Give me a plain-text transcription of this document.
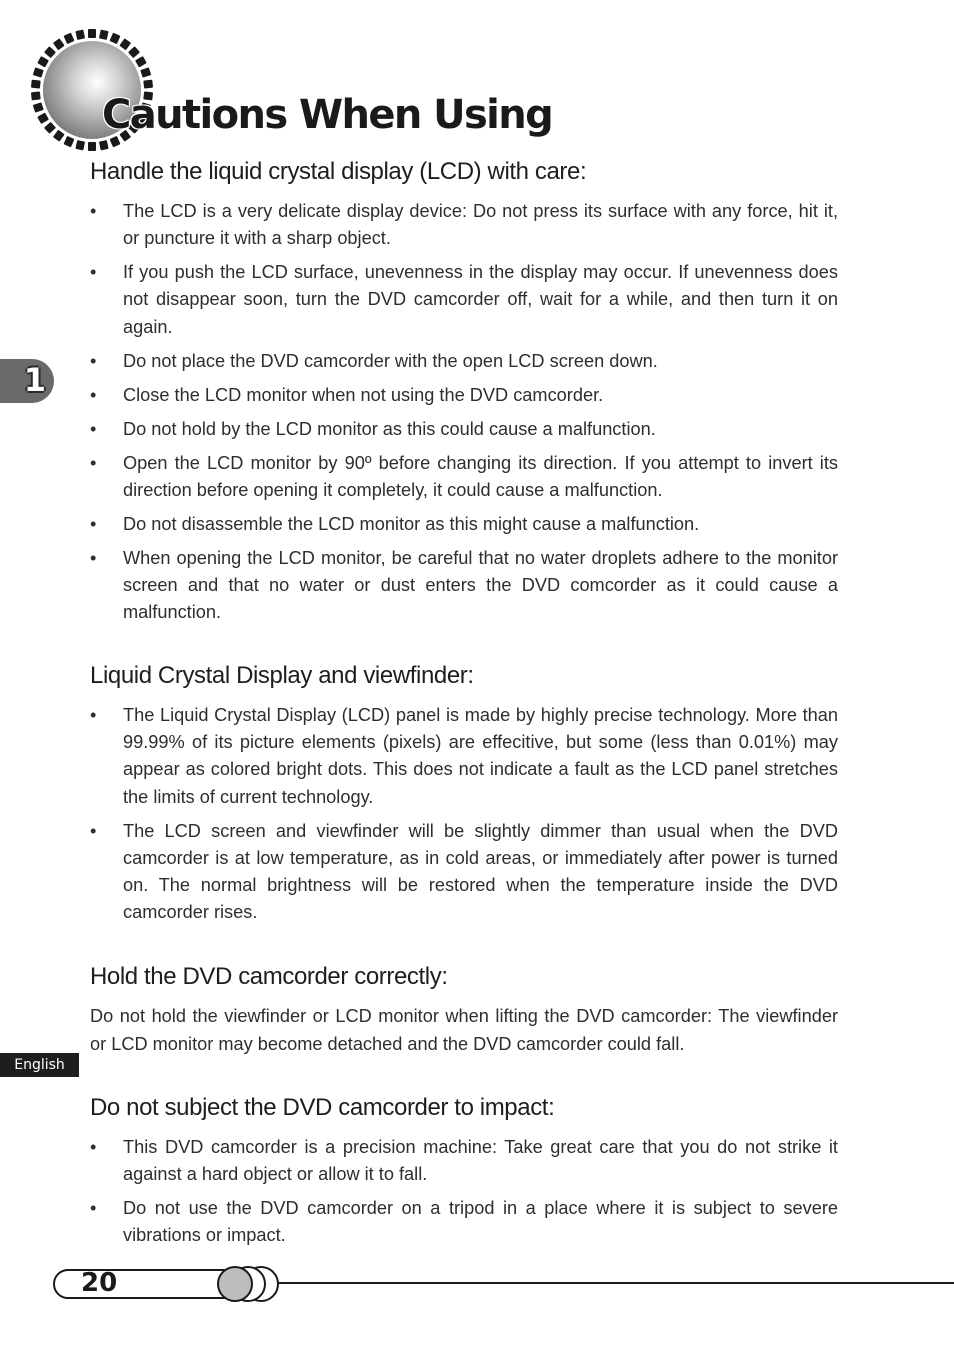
Cautions When Using
1
Handle the liquid crystal display (LCD) with care:
• The LCD is a very delicate display device: Do not press its surface with any force, hit it, or puncture it with a sharp object.
• If you push the LCD surface, unevenness in the display may occur. If unevenness does not disappear soon, turn the DVD camcorder off, wait for a while, and then turn it on again.
• Do not place the DVD camcorder with the open LCD screen down.
• Close the LCD monitor when not using the DVD camcorder.
• Do not hold by the LCD monitor as this could cause a malfunction.
• Open the LCD monitor by 90º before changing its direction. If you attempt to invert its direction before opening it completely, it could cause a malfunction.
• Do not disassemble the LCD monitor as this might cause a malfunction.
• When opening the LCD monitor, be careful that no water droplets adhere to the monitor screen and that no water or dust enters the DVD comcorder as it could cause a malfunction.
Liquid Crystal Display and viewfinder:
• The Liquid Crystal Display (LCD) panel is made by highly precise technology. More than 99.99% of its picture elements (pixels) are effecitive, but some (less than 0.01%) may appear as colored bright dots. This does not indicate a fault as the LCD panel stretches the limits of current technology.
• The LCD screen and viewfinder will be slightly dimmer than usual when the DVD camcorder is at low temperature, as in cold areas, or immediately after power is turned on. The normal brightness will be restored when the temperature inside the DVD camcorder rises.
Hold the DVD camcorder correctly:

Do not hold the viewfinder or LCD monitor when lifting the DVD camcorder: The viewfinder or LCD monitor may become detached and the DVD camcorder could fall.

English
Do not subject the DVD camcorder to impact:
• This DVD camcorder is a precision machine: Take great care that you do not strike it against a hard object or allow it to fall.
• Do not use the DVD camcorder on a tripod in a place where it is subject to severe vibrations or impact.
20
